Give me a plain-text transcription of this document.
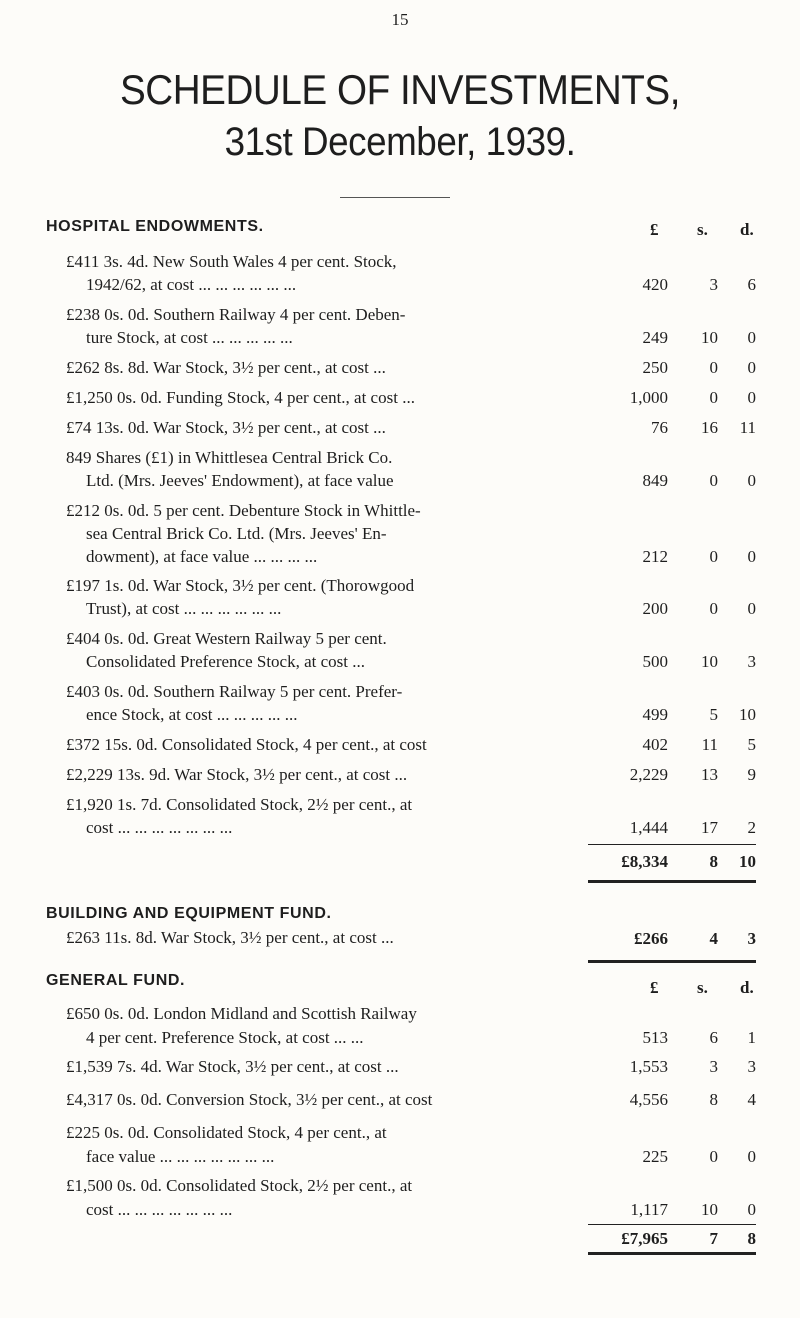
15
SCHEDULE OF INVESTMENTS,
31st December, 1939.
HOSPITAL ENDOWMENTS.	£ s. d.
£411 3s. 4d. New South Wales 4 per cent. Stock,
1942/62, at cost ... ... ... ... ... ...	420 3 6
£238 0s. 0d. Southern Railway 4 per cent. Deben-
ture Stock, at cost ... ... ... ... ...	249 10 0
£262 8s. 8d. War Stock, 3½ per cent., at cost ...	250 0 0
£1,250 0s. 0d. Funding Stock, 4 per cent., at cost ...	1,000 0 0
£74 13s. 0d. War Stock, 3½ per cent., at cost ...	76 16 11
849 Shares (£1) in Whittlesea Central Brick Co.
Ltd. (Mrs. Jeeves' Endowment), at face value	849 0 0
£212 0s. 0d. 5 per cent. Debenture Stock in Whittle-
sea Central Brick Co. Ltd. (Mrs. Jeeves' En-
dowment), at face value ... ... ... ...	212 0 0
£197 1s. 0d. War Stock, 3½ per cent. (Thorowgood
Trust), at cost ... ... ... ... ... ...	200 0 0
£404 0s. 0d. Great Western Railway 5 per cent.
Consolidated Preference Stock, at cost ...	500 10 3
£403 0s. 0d. Southern Railway 5 per cent. Prefer-
ence Stock, at cost ... ... ... ... ...	499 5 10
£372 15s. 0d. Consolidated Stock, 4 per cent., at cost	402 11 5
£2,229 13s. 9d. War Stock, 3½ per cent., at cost ...	2,229 13 9
£1,920 1s. 7d. Consolidated Stock, 2½ per cent., at
cost ... ... ... ... ... ... ...	1,444 17 2
£8,334 8 10
BUILDING AND EQUIPMENT FUND.
£263 11s. 8d. War Stock, 3½ per cent., at cost ...	£266 4 3
GENERAL FUND.	£ s. d.
£650 0s. 0d. London Midland and Scottish Railway
4 per cent. Preference Stock, at cost ... ...	513 6 1
£1,539 7s. 4d. War Stock, 3½ per cent., at cost ...	1,553 3 3
£4,317 0s. 0d. Conversion Stock, 3½ per cent., at cost	4,556 8 4
£225 0s. 0d. Consolidated Stock, 4 per cent., at
face value ... ... ... ... ... ... ...	225 0 0
£1,500 0s. 0d. Consolidated Stock, 2½ per cent., at
cost ... ... ... ... ... ... ...	1,117 10 0
£7,965 7 8
